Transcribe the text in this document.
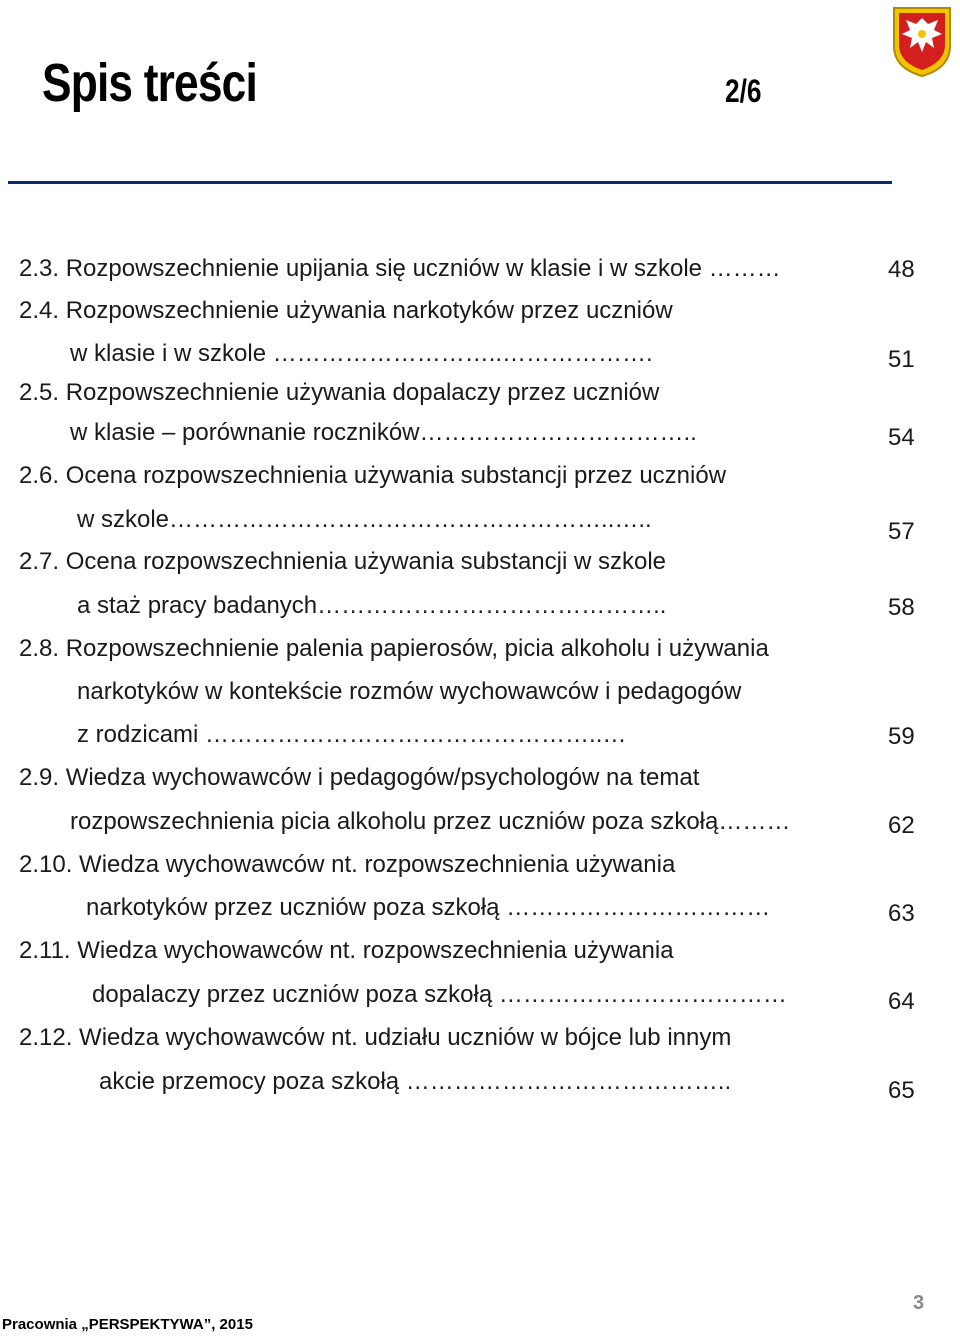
Spis treści	2/6
2.3. Rozpowszechnienie upijania się uczniów w klasie i w szkole ………	48
2.4. Rozpowszechnienie używania narkotyków przez uczniów
w klasie i w szkole ………………………..……………….	51
2.5. Rozpowszechnienie używania dopalaczy przez uczniów
w klasie – porównanie roczników……………………………..	54
2.6. Ocena rozpowszechnienia używania substancji przez uczniów
w szkole………………………………………………..…..	57
2.7. Ocena rozpowszechnienia używania substancji w szkole
a staż pracy badanych……………………………………..	58
2.8. Rozpowszechnienie palenia papierosów, picia alkoholu i używania
narkotyków w kontekście rozmów wychowawców i pedagogów
z rodzicami …………………………………………..…	59
2.9. Wiedza wychowawców i pedagogów/psychologów na temat
rozpowszechnienia picia alkoholu przez uczniów poza szkołą………	62
2.10. Wiedza wychowawców nt. rozpowszechnienia używania
narkotyków przez uczniów poza szkołą ……………………………	63
2.11. Wiedza wychowawców nt. rozpowszechnienia używania
dopalaczy przez uczniów poza szkołą ………………………………	64
2.12. Wiedza wychowawców nt. udziału uczniów w bójce lub innym
akcie przemocy poza szkołą …………………………………..	65
Pracownia „PERSPEKTYWA”, 2015
3
